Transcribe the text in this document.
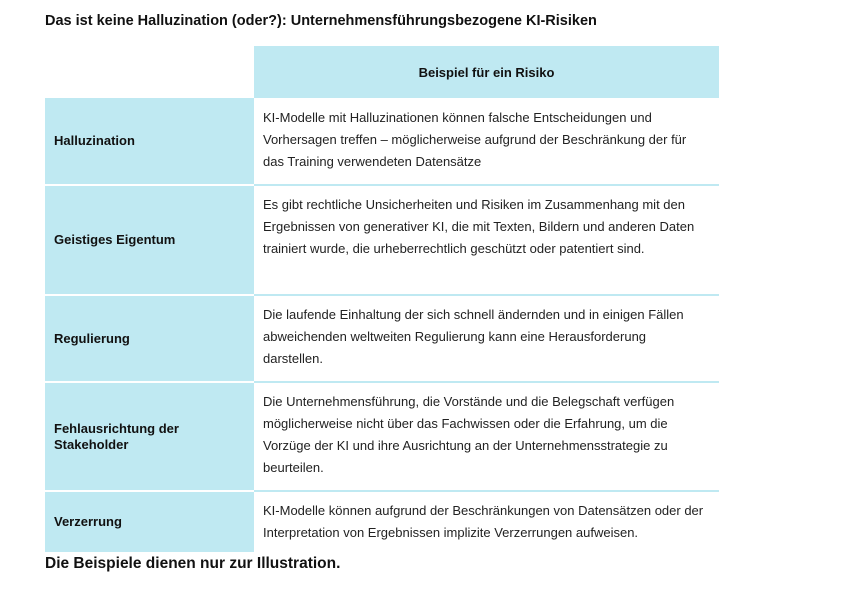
Das ist keine Halluzination (oder?): Unternehmensführungsbezogene KI-Risiken
	Beispiel für ein Risiko
Halluzination	KI-Modelle mit Halluzinationen können falsche Entscheidungen und Vorhersagen treffen – möglicherweise aufgrund der Beschränkung der für das Training verwendeten Datensätze
Geistiges Eigentum	Es gibt rechtliche Unsicherheiten und Risiken im Zusammenhang mit den Ergebnissen von generativer KI, die mit Texten, Bildern und anderen Daten trainiert wurde, die urheberrechtlich geschützt oder patentiert sind.
Regulierung	Die laufende Einhaltung der sich schnell ändernden und in einigen Fällen abweichenden weltweiten Regulierung kann eine Herausforderung darstellen.
Fehlausrichtung der Stakeholder	Die Unternehmensführung, die Vorstände und die Belegschaft verfügen möglicherweise nicht über das Fachwissen oder die Erfahrung, um die Vorzüge der KI und ihre Ausrichtung an der Unternehmensstrategie zu beurteilen.
Verzerrung	KI-Modelle können aufgrund der Beschränkungen von Datensätzen oder der Interpretation von Ergebnissen implizite Verzerrungen aufweisen.
Die Beispiele dienen nur zur Illustration.
